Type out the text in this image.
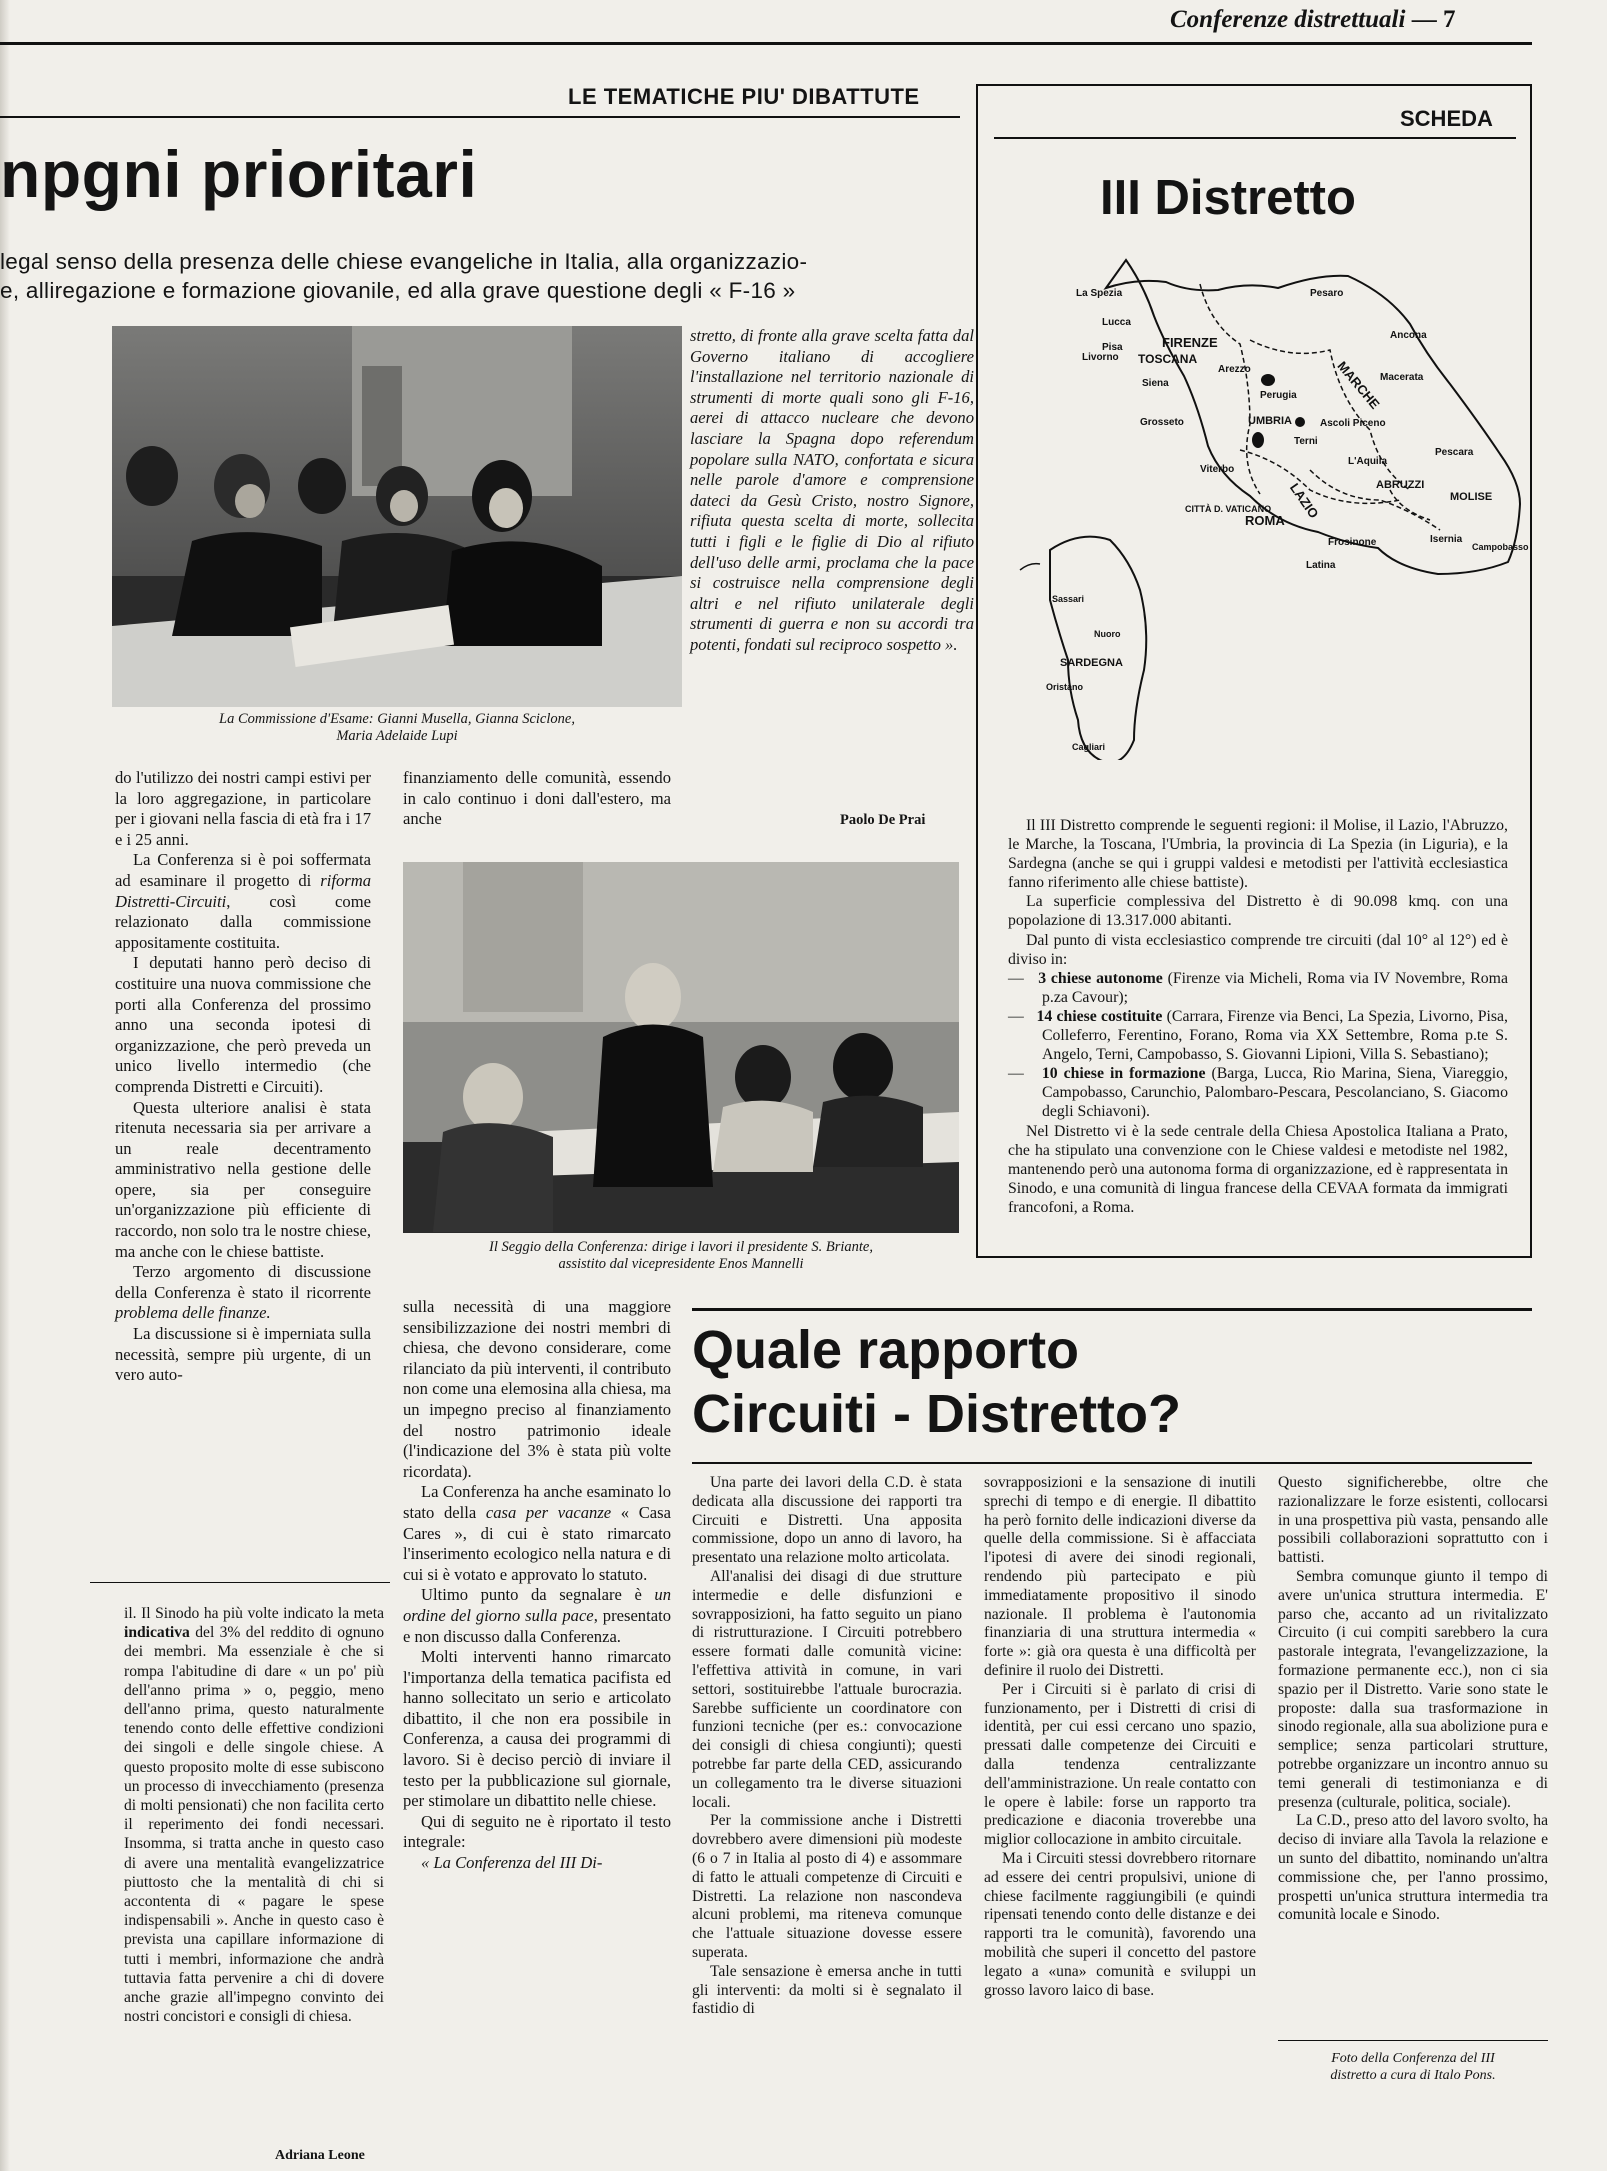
Conferenze distrettuali — 7
LE TEMATICHE PIU' DIBATTUTE
npgni prioritari
legal senso della presenza delle chiese evangeliche in Italia, alla organizzazio-
e, alliregazione e formazione giovanile, ed alla grave questione degli « F-16 »
La Commissione d'Esame: Gianni Musella, Gianna Sciclone,
Maria Adelaide Lupi

stretto, di fronte alla grave scelta fatta dal Governo italiano di accogliere l'installazione nel territorio nazionale di strumenti di morte quali sono gli F-16, aerei di attacco nucleare che devono lasciare la Spagna dopo referendum popolare sulla NATO, confortata e sicura nelle parole d'amore e comprensione dateci da Gesù Cristo, nostro Signore, rifiuta questa scelta di morte, sollecita tutti i figli e le figlie di Dio al rifiuto dell'uso delle armi, proclama che la pace si costruisce nella comprensione degli altri e nel rifiuto unilaterale degli strumenti di guerra e non su accordi tra potenti, fondati sul reciproco sospetto ».

Paolo De Prai

do l'utilizzo dei nostri campi estivi per la loro aggregazione, in particolare per i giovani nella fascia di età fra i 17 e i 25 anni.

La Conferenza si è poi soffermata ad esaminare il progetto di riforma Distretti-Circuiti, così come relazionato dalla commissione appositamente costituita.

I deputati hanno però deciso di costituire una nuova commissione che porti alla Conferenza del prossimo anno una seconda ipotesi di organizzazione, che però preveda un unico livello intermedio (che comprenda Distretti e Circuiti).

Questa ulteriore analisi è stata ritenuta necessaria sia per arrivare a un reale decentramento amministrativo nella gestione delle opere, sia per conseguire un'organizzazione più efficiente di raccordo, non solo tra le nostre chiese, ma anche con le chiese battiste.

Terzo argomento di discussione della Conferenza è stato il ricorrente problema delle finanze.

La discussione si è imperniata sulla necessità, sempre più urgente, di un vero auto-

finanziamento delle comunità, essendo in calo continuo i doni dall'estero, ma anche

Il Seggio della Conferenza: dirige i lavori il presidente S. Briante,
assistito dal vicepresidente Enos Mannelli

il. Il Sinodo ha più volte indicato la meta indicativa del 3% del reddito di ognuno dei membri. Ma essenziale è che si rompa l'abitudine di dare « un po' più dell'anno prima » o, peggio, meno dell'anno prima, questo naturalmente tenendo conto delle effettive condizioni dei singoli e delle singole chiese. A questo proposito molte di esse subiscono un processo di invecchiamento (presenza di molti pensionati) che non facilita certo il reperimento dei fondi necessari. Insomma, si tratta anche in questo caso di avere una mentalità evangelizzatrice piuttosto che la mentalità di chi si accontenta di « pagare le spese indispensabili ». Anche in questo caso è prevista una capillare informazione di tutti i membri, informazione che andrà tuttavia fatta pervenire a chi di dovere anche grazie all'impegno convinto dei nostri concistori e consigli di chiesa.

Adriana Leone

sulla necessità di una maggiore sensibilizzazione dei nostri membri di chiesa, che devono considerare, come rilanciato da più interventi, il contributo non come una elemosina alla chiesa, ma un impegno preciso al finanziamento del nostro patrimonio ideale (l'indicazione del 3% è stata più volte ricordata).

La Conferenza ha anche esaminato lo stato della casa per vacanze « Casa Cares », di cui è stato rimarcato l'inserimento ecologico nella natura e di cui si è votato e approvato lo statuto.

Ultimo punto da segnalare è un ordine del giorno sulla pace, presentato e non discusso dalla Conferenza.

Molti interventi hanno rimarcato l'importanza della tematica pacifista ed hanno sollecitato un serio e articolato dibattito, il che non era possibile in Conferenza, a causa dei programmi di lavoro. Si è deciso perciò di inviare il testo per la pubblicazione sul giornale, per stimolare un dibattito nelle chiese.

Qui di seguito ne è riportato il testo integrale:

« La Conferenza del III Di-

SCHEDA
III Distretto
La Spezia
Lucca
Pisa
Livorno
FIRENZE
TOSCANA
Arezzo
Siena
Grosseto
Pesaro
Ancona
MARCHE
Macerata
Perugia
UMBRIA	Ascoli Piceno
Terni
Pescara
L'Aquila
ABRUZZI
Viterbo
CITTÀ D. VATICANO
ROMA LAZIO
Frosinone
Latina
MOLISE
Isernia
Campobasso
Sassari
Nuoro
SARDEGNA
Oristano
Cagliari

Il III Distretto comprende le seguenti regioni: il Molise, il Lazio, l'Abruzzo, le Marche, la Toscana, l'Umbria, la provincia di La Spezia (in Liguria), e la Sardegna (anche se qui i gruppi valdesi e metodisti per l'attività ecclesiastica fanno riferimento alle chiese battiste).

La superficie complessiva del Distretto è di 90.098 kmq. con una popolazione di 13.317.000 abitanti.

Dal punto di vista ecclesiastico comprende tre circuiti (dal 10° al 12°) ed è diviso in:

— 3 chiese autonome (Firenze via Micheli, Roma via IV Novembre, Roma p.za Cavour);
— 14 chiese costituite (Carrara, Firenze via Benci, La Spezia, Livorno, Pisa, Colleferro, Ferentino, Forano, Roma via XX Settembre, Roma p.te S. Angelo, Terni, Campobasso, S. Giovanni Lipioni, Villa S. Sebastiano);
— 10 chiese in formazione (Barga, Lucca, Rio Marina, Siena, Viareggio, Campobasso, Carunchio, Palombaro-Pescara, Pescolanciano, S. Giacomo degli Schiavoni).

Nel Distretto vi è la sede centrale della Chiesa Apostolica Italiana a Prato, che ha stipulato una convenzione con le Chiese valdesi e metodiste nel 1982, mantenendo però una autonoma forma di organizzazione, ed è rappresentata in Sinodo, e una comunità di lingua francese della CEVAA formata da immigrati francofoni, a Roma.

Quale rapporto
Circuiti - Distretto?

Una parte dei lavori della C.D. è stata dedicata alla discussione dei rapporti tra Circuiti e Distretti. Una apposita commissione, dopo un anno di lavoro, ha presentato una relazione molto articolata.

All'analisi dei disagi di due strutture intermedie e delle disfunzioni e sovrapposizioni, ha fatto seguito un piano di ristrutturazione. I Circuiti potrebbero essere formati dalle comunità vicine: l'effettiva attività in comune, in vari settori, sostituirebbe l'attuale burocrazia. Sarebbe sufficiente un coordinatore con funzioni tecniche (per es.: convocazione dei consigli di chiesa congiunti); questi potrebbe far parte della CED, assicurando un collegamento tra le diverse situazioni locali.

Per la commissione anche i Distretti dovrebbero avere dimensioni più modeste (6 o 7 in Italia al posto di 4) e assommare di fatto le attuali competenze di Circuiti e Distretti. La relazione non nascondeva alcuni problemi, ma riteneva comunque che l'attuale situazione dovesse essere superata.

Tale sensazione è emersa anche in tutti gli interventi: da molti si è segnalato il fastidio di

sovrapposizioni e la sensazione di inutili sprechi di tempo e di energie. Il dibattito ha però fornito delle indicazioni diverse da quelle della commissione. Si è affacciata l'ipotesi di avere dei sinodi regionali, rendendo più partecipato e più immediatamente propositivo il sinodo nazionale. Il problema è l'autonomia finanziaria di una struttura intermedia « forte »: già ora questa è una difficoltà per definire il ruolo dei Distretti.

Per i Circuiti si è parlato di crisi di funzionamento, per i Distretti di crisi di identità, per cui essi cercano uno spazio, pressati dalle competenze dei Circuiti e dalla tendenza centralizzante dell'amministrazione. Un reale contatto con le opere è labile: forse un rapporto tra predicazione e diaconia troverebbe una miglior collocazione in ambito circuitale.

Ma i Circuiti stessi dovrebbero ritornare ad essere dei centri propulsivi, unione di chiese facilmente raggiungibili (e quindi ripensati tenendo conto delle distanze e dei rapporti tra le comunità), favorendo una mobilità che superi il concetto del pastore legato a «una» comunità e sviluppi un grosso lavoro laico di base.

Questo significherebbe, oltre che razionalizzare le forze esistenti, collocarsi in una prospettiva più vasta, pensando alle possibili collaborazioni soprattutto con i battisti.

Sembra comunque giunto il tempo di avere un'unica struttura intermedia. E' parso che, accanto ad un rivitalizzato Circuito (i cui compiti sarebbero la cura pastorale integrata, l'evangelizzazione, la formazione permanente ecc.), non ci sia spazio per il Distretto. Varie sono state le proposte: dalla sua trasformazione in sinodo regionale, alla sua abolizione pura e semplice; senza particolari strutture, potrebbe organizzare un incontro annuo su temi generali di testimonianza e di presenza (culturale, politica, sociale).

La C.D., preso atto del lavoro svolto, ha deciso di inviare alla Tavola la relazione e un sunto del dibattito, nominando un'altra commissione che, per l'anno prossimo, prospetti un'unica struttura intermedia tra comunità locale e Sinodo.

Foto della Conferenza del III
distretto a cura di Italo Pons.
